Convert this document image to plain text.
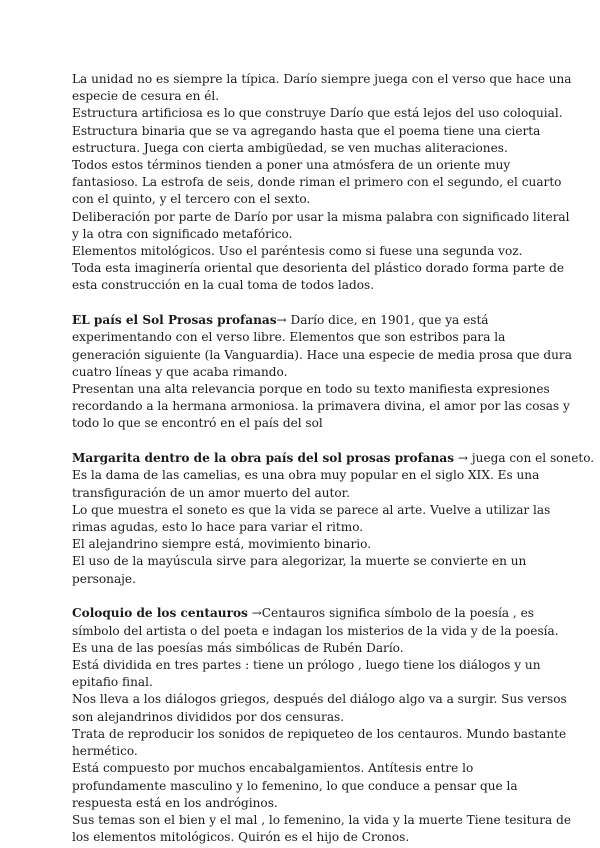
La unidad no es siempre la típica. Darío siempre juega con el verso que hace una
especie de cesura en él.
Estructura artificiosa es lo que construye Darío que está lejos del uso coloquial.
Estructura binaria que se va agregando hasta que el poema tiene una cierta
estructura. Juega con cierta ambigüedad, se ven muchas aliteraciones.
Todos estos términos tienden a poner una atmósfera de un oriente muy
fantasioso. La estrofa de seis, donde riman el primero con el segundo, el cuarto
con el quinto, y el tercero con el sexto.
Deliberación por parte de Darío por usar la misma palabra con significado literal
y la otra con significado metafórico.
Elementos mitológicos. Uso el paréntesis como si fuese una segunda voz.
Toda esta imaginería oriental que desorienta del plástico dorado forma parte de
esta construcción en la cual toma de todos lados.
EL país el Sol Prosas profanas→ Darío dice, en 1901, que ya está
experimentando con el verso libre. Elementos que son estribos para la
generación siguiente (la Vanguardia). Hace una especie de media prosa que dura
cuatro líneas y que acaba rimando.
Presentan una alta relevancia porque en todo su texto manifiesta expresiones
recordando a la hermana armoniosa. la primavera divina, el amor por las cosas y
todo lo que se encontró en el país del sol
Margarita dentro de la obra país del sol prosas profanas → juega con el soneto.
Es la dama de las camelias, es una obra muy popular en el siglo XIX. Es una
transfiguración de un amor muerto del autor.
Lo que muestra el soneto es que la vida se parece al arte. Vuelve a utilizar las
rimas agudas, esto lo hace para variar el ritmo.
El alejandrino siempre está, movimiento binario.
El uso de la mayúscula sirve para alegorizar, la muerte se convierte en un
personaje.
Coloquio de los centauros →Centauros significa símbolo de la poesía , es
símbolo del artista o del poeta e indagan los misterios de la vida y de la poesía.
Es una de las poesías más simbólicas de Rubén Darío.
Está dividida en tres partes : tiene un prólogo , luego tiene los diálogos y un
epitafio final.
Nos lleva a los diálogos griegos, después del diálogo algo va a surgir. Sus versos
son alejandrinos divididos por dos censuras.
Trata de reproducir los sonidos de repiqueteo de los centauros. Mundo bastante
hermético.
Está compuesto por muchos encabalgamientos. Antítesis entre lo
profundamente masculino y lo femenino, lo que conduce a pensar que la
respuesta está en los andróginos.
Sus temas son el bien y el mal , lo femenino, la vida y la muerte Tiene tesitura de
los elementos mitológicos. Quirón es el hijo de Cronos.
